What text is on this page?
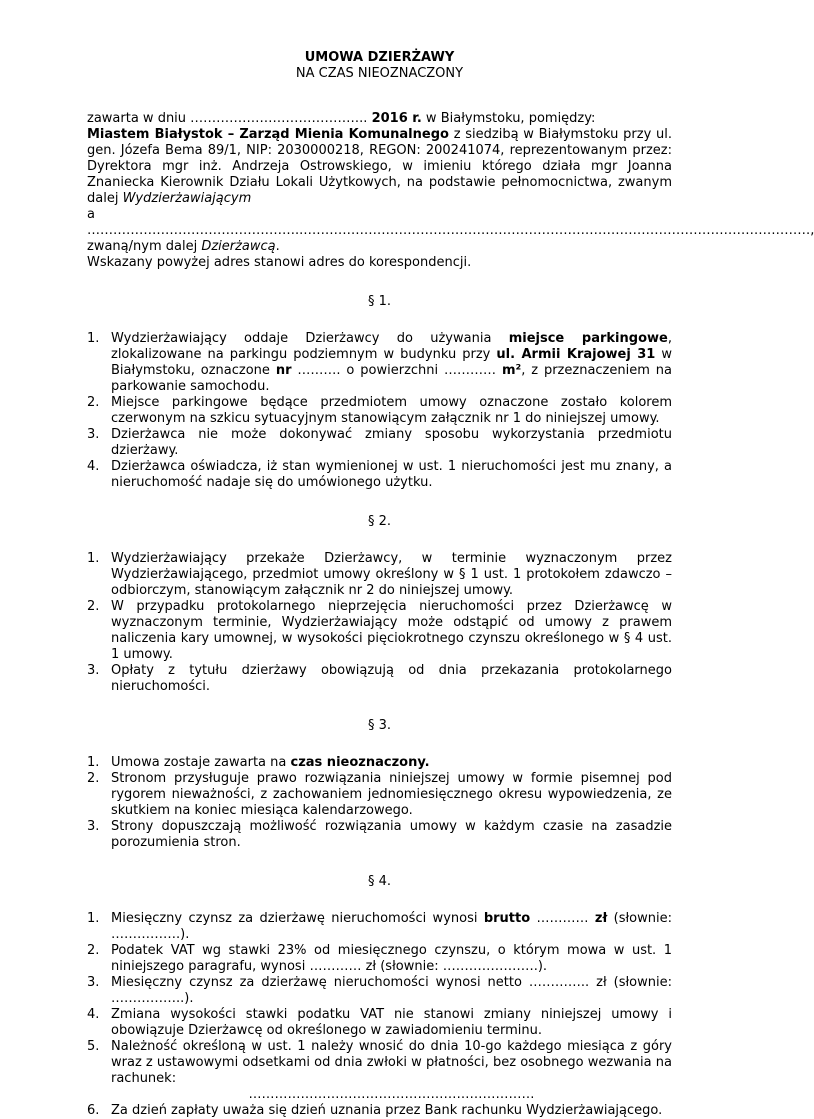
UMOWA DZIERŻAWY

NA CZAS NIEOZNACZONY

zawarta w dniu ………………………………….. 2016 r. w Białymstoku, pomiędzy:

Miastem Białystok – Zarząd Mienia Komunalnego z siedzibą w Białymstoku przy ul. gen. Józefa Bema 89/1, NIP: 2030000218, REGON: 200241074, reprezentowanym przez: Dyrektora mgr inż. Andrzeja Ostrowskiego, w imieniu którego działa mgr Joanna Znaniecka Kierownik Działu Lokali Użytkowych, na podstawie pełnomocnictwa, zwanym dalej Wydzierżawiającym

a

…………………………………………..………………………………………………………………………………………………………,

zwaną/nym dalej Dzierżawcą.

Wskazany powyżej adres stanowi adres do korespondencji.

§ 1.
1. Wydzierżawiający oddaje Dzierżawcy do używania miejsce parkingowe, zlokalizowane na parkingu podziemnym w budynku przy ul. Armii Krajowej 31 w Białymstoku, oznaczone nr ………. o powierzchni ………… m², z przeznaczeniem na parkowanie samochodu.
2. Miejsce parkingowe będące przedmiotem umowy oznaczone zostało kolorem czerwonym na szkicu sytuacyjnym stanowiącym załącznik nr 1 do niniejszej umowy.
3. Dzierżawca nie może dokonywać zmiany sposobu wykorzystania przedmiotu dzierżawy.
4. Dzierżawca oświadcza, iż stan wymienionej w ust. 1 nieruchomości jest mu znany, a nieruchomość nadaje się do umówionego użytku.
§ 2.
1. Wydzierżawiający przekaże Dzierżawcy, w terminie wyznaczonym przez Wydzierżawiającego, przedmiot umowy określony w § 1 ust. 1 protokołem zdawczo – odbiorczym, stanowiącym załącznik nr 2 do niniejszej umowy.
2. W przypadku protokolarnego nieprzejęcia nieruchomości przez Dzierżawcę w wyznaczonym terminie, Wydzierżawiający może odstąpić od umowy z prawem naliczenia kary umownej, w wysokości pięciokrotnego czynszu określonego w § 4 ust. 1 umowy.
3. Opłaty z tytułu dzierżawy obowiązują od dnia przekazania protokolarnego nieruchomości.
§ 3.
1. Umowa zostaje zawarta na czas nieoznaczony.
2. Stronom przysługuje prawo rozwiązania niniejszej umowy w formie pisemnej pod rygorem nieważności, z zachowaniem jednomiesięcznego okresu wypowiedzenia, ze skutkiem na koniec miesiąca kalendarzowego.
3. Strony dopuszczają możliwość rozwiązania umowy w każdym czasie na zasadzie porozumienia stron.
§ 4.
1. Miesięczny czynsz za dzierżawę nieruchomości wynosi brutto ………… zł (słownie: …………….).
2. Podatek VAT wg stawki 23% od miesięcznego czynszu, o którym mowa w ust. 1 niniejszego paragrafu, wynosi ………… zł (słownie: ………………….).
3. Miesięczny czynsz za dzierżawę nieruchomości wynosi netto ………….. zł (słownie: ……………..).
4. Zmiana wysokości stawki podatku VAT nie stanowi zmiany niniejszej umowy i obowiązuje Dzierżawcę od określonego w zawiadomieniu terminu.
5. Należność określoną w ust. 1 należy wnosić do dnia 10-go każdego miesiąca z góry wraz z ustawowymi odsetkami od dnia zwłoki w płatności, bez osobnego wezwania na rachunek:
…………………………………………………………
6. Za dzień zapłaty uważa się dzień uznania przez Bank rachunku Wydzierżawiającego.
